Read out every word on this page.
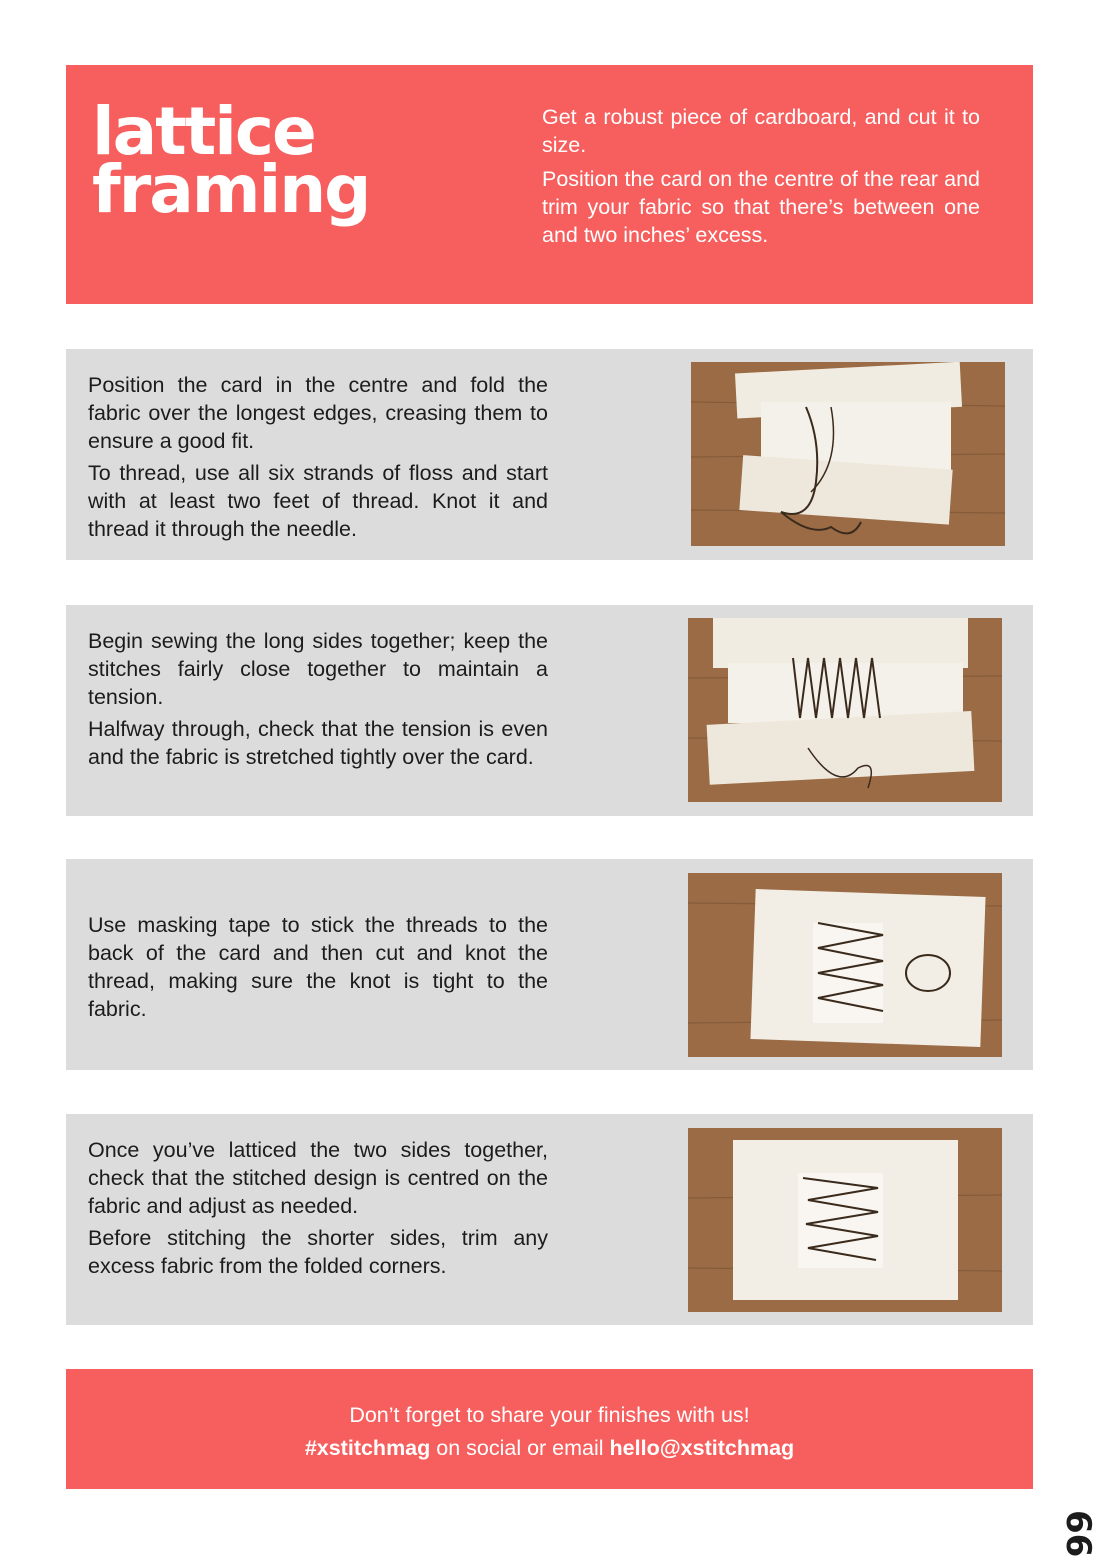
lattice
framing

Get a robust piece of cardboard, and cut it to size.

Position the card on the centre of the rear and trim your fabric so that there’s between one and two inches’ excess.

Position the card in the centre and fold the fabric over the longest edges, creasing them to ensure a good fit.

To thread, use all six strands of floss and start with at least two feet of thread. Knot it and thread it through the needle.

Begin sewing the long sides together; keep the stitches fairly close together to maintain a tension.

Halfway through, check that the tension is even and the fabric is stretched tightly over the card.

Use masking tape to stick the threads to the back of the card and then cut and knot the thread, making sure the knot is tight to the fabric.

Once you’ve latticed the two sides together, check that the stitched design is centred on the fabric and adjust as needed.

Before stitching the shorter sides, trim any excess fabric from the folded corners.

Don’t forget to share your finishes with us!
#xstitchmag on social or email hello@xstitchmag
66
